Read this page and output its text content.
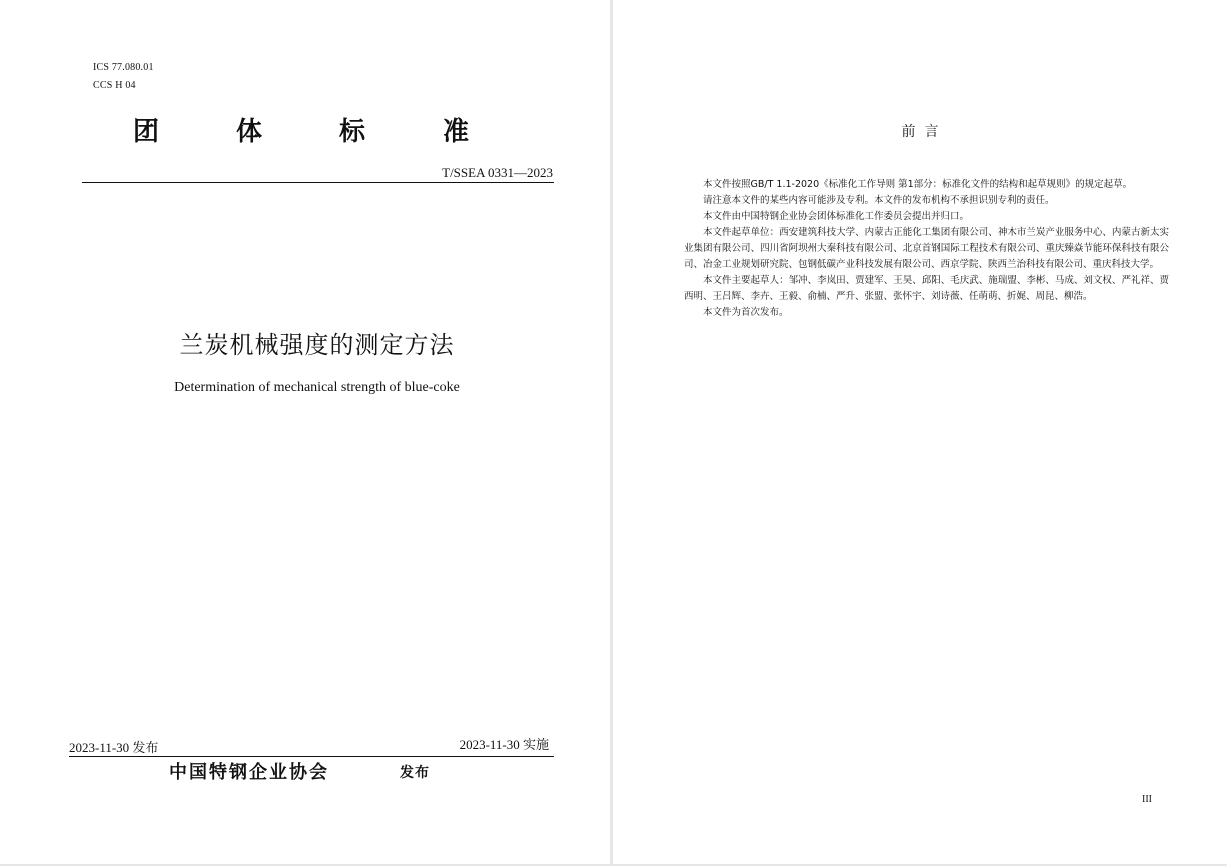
ICS 77.080.01
CCS H 04
团	体	标	准
T/SSEA 0331—2023
兰炭机械强度的测定方法
Determination of mechanical strength of blue-coke
2023-11-30 发布	2023-11-30 实施
中国特钢企业协会	发布
前  言

本文件按照GB/T 1.1-2020《标准化工作导则 第1部分：标准化文件的结构和起草规则》的规定起草。

请注意本文件的某些内容可能涉及专利。本文件的发布机构不承担识别专利的责任。

本文件由中国特钢企业协会团体标准化工作委员会提出并归口。

本文件起草单位：西安建筑科技大学、内蒙古正能化工集团有限公司、神木市兰炭产业服务中心、内蒙古新太实业集团有限公司、四川省阿坝州大秦科技有限公司、北京首钢国际工程技术有限公司、重庆臻焱节能环保科技有限公司、冶金工业规划研究院、包钢低碳产业科技发展有限公司、西京学院、陕西兰治科技有限公司、重庆科技大学。

本文件主要起草人：邹冲、李岚田、贾建军、王昊、邱阳、毛庆武、施瑞盟、李彬、马成、刘文权、严礼祥、贾西明、王吕辉、李卉、王毅、俞楠、严升、张盟、张怀宇、刘诗薇、任萌萌、折娓、周昆、柳浩。

本文件为首次发布。

III
